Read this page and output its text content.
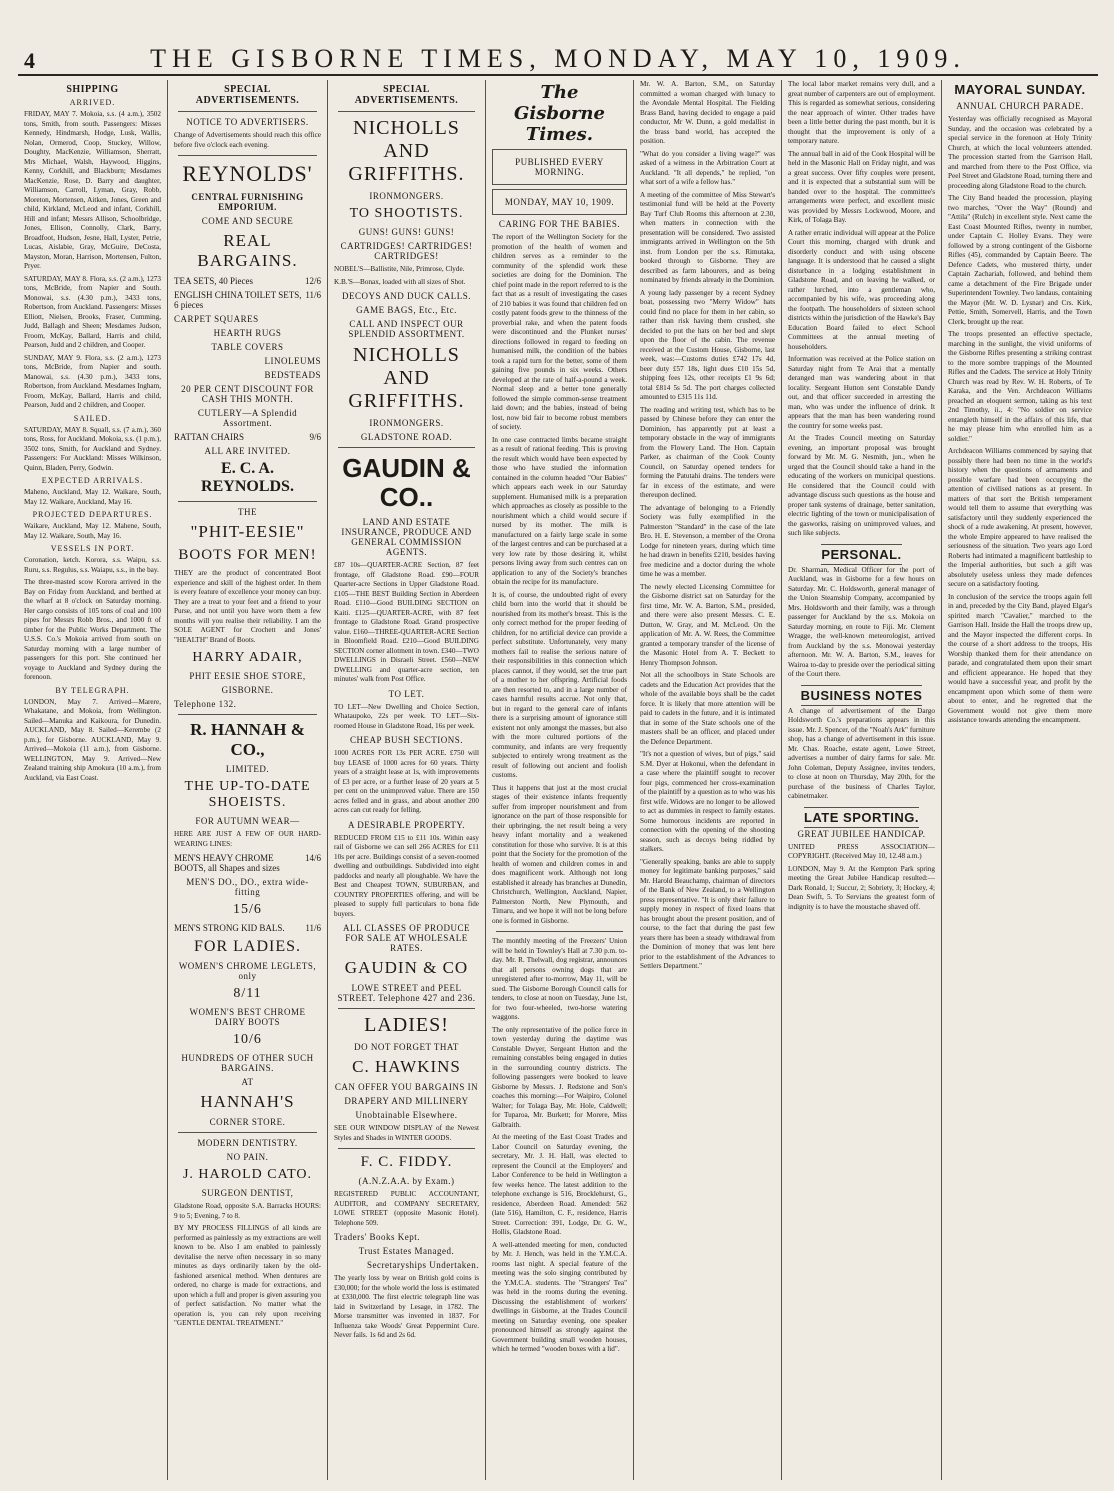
4	THE GISBORNE TIMES, MONDAY, MAY 10, 1909.
SHIPPING
ARRIVED.

FRIDAY, MAY 7. Mokoia, s.s. (4 a.m.), 3502 tons, Smith, from south. Passengers: Misses Kennedy, Hindmarsh, Hodge, Lusk, Wallis, Nolan, Ormerod, Coop, Stuckey, Willow, Doughty, MacKenzie, Williamson, Sherratt, Mrs Michael, Walsh, Haywood, Higgins, Kenny, Corkhill, and Blackburn; Mesdames MacKenzie, Rose, D. Barry and daughter, Williamson, Carroll, Lyman, Gray, Robb, Moreton, Mortensen, Aitken, Jones, Green and child, Kirkland, McLeod and infant, Corkhill, Hill and infant; Messrs Allison, Schoolbridge, Jones, Ellison, Connolly, Clark, Barry, Broadfoot, Hudson, Jesne, Hall, Lyster, Petrie, Lucas, Aislabie, Gray, McGuire, DeCosta, Mayston, Moran, Harrison, Mortensen, Fulton, Pryer.

SATURDAY, MAY 8. Flora, s.s. (2 a.m.), 1273 tons, McBride, from Napier and South. Monowai, s.s. (4.30 p.m.), 3433 tons, Robertson, from Auckland. Passengers: Misses Elliott, Nielsen, Brooks, Fraser, Cumming, Judd, Ballagh and Sheen; Mesdames Judson, Froom, McKay, Ballard, Harris and child, Pearson, Judd and 2 children, and Cooper.

SUNDAY, MAY 9. Flora, s.s. (2 a.m.), 1273 tons, McBride, from Napier and south. Manowai, s.s. (4.30 p.m.), 3433 tons, Robertson, from Auckland. Mesdames Ingham, Froom, McKay, Ballard, Harris and child, Pearson, Judd and 2 children, and Cooper.

SAILED.

SATURDAY, MAY 8. Squall, s.s. (7 a.m.), 360 tons, Ross, for Auckland. Mokoia, s.s. (1 p.m.), 3502 tons, Smith, for Auckland and Sydney. Passengers: For Auckland: Misses Wilkinson, Quinn, Bladen, Perry, Godwin.

EXPECTED ARRIVALS.

Maheno, Auckland, May 12. Waikare, South, May 12. Waikare, Auckland, May 16.

PROJECTED DEPARTURES.

Waikare, Auckland, May 12. Mahene, South, May 12. Waikare, South, May 16.

VESSELS IN PORT.

Coronation, ketch. Korora, s.s. Waipu, s.s. Ruru, s.s. Regulus, s.s. Waiapu, s.s., in the bay.

The three-masted scow Korora arrived in the Bay on Friday from Auckland, and berthed at the wharf at 8 o'clock on Saturday morning. Her cargo consists of 105 tons of coal and 100 pipes for Messrs Robb Bros., and 1000 ft of timber for the Public Works Department. The U.S.S. Co.'s Mokoia arrived from south on Saturday morning with a large number of passengers for this port. She continued her voyage to Auckland and Sydney during the forenoon.

BY TELEGRAPH.

LONDON, May 7. Arrived—Marere, Whakatane, and Mokoia, from Wellington. Sailed—Manuka and Kaikoura, for Dunedin. AUCKLAND, May 8. Sailed—Kerembe (2 p.m.), for Gisborne. AUCKLAND, May 9. Arrived—Mokoia (11 a.m.), from Gisborne. WELLINGTON, May 9. Arrived—New Zealand training ship Amokura (10 a.m.), from Auckland, via East Coast.

SPECIAL ADVERTISEMENTS.
NOTICE TO ADVERTISERS.

Change of Advertisements should reach this office before five o'clock each evening.

REYNOLDS'
CENTRAL FURNISHING EMPORIUM.
COME AND SECURE
REAL BARGAINS.
TEA SETS, 40 Pieces	12/6
ENGLISH CHINA TOILET SETS, 6 pieces
11/6
CARPET SQUARES
HEARTH RUGS
TABLE COVERS
LINOLEUMS
BEDSTEADS
20 PER CENT DISCOUNT FOR CASH THIS MONTH.
CUTLERY—A Splendid Assortment.
RATTAN CHAIRS	9/6
ALL ARE INVITED.
E. C. A. REYNOLDS.
THE
"PHIT-EESIE"
BOOTS FOR MEN!

THEY are the product of concentrated Boot experience and skill of the highest order. In them is every feature of excellence your money can buy. They are a treat to your feet and a friend to your Purse, and not until you have worn them a few months will you realise their reliability. I am the SOLE AGENT for Crochett and Jones' "HEALTH" Brand of Boots.

HARRY ADAIR,
PHIT EESIE SHOE STORE,
GISBORNE.
Telephone 132.
R. HANNAH & CO.,
LIMITED.
THE UP-TO-DATE SHOEISTS.
FOR AUTUMN WEAR—

HERE ARE JUST A FEW OF OUR HARD-WEARING LINES:

MEN'S HEAVY CHROME BOOTS, all Shapes and sizes
14/6
MEN'S DO., DO., extra wide-fitting
15/6
MEN'S STRONG KID BALS. 11/6
FOR LADIES.
WOMEN'S CHROME LEGLETS, only
8/11
WOMEN'S BEST CHROME DAIRY BOOTS
10/6
HUNDREDS OF OTHER SUCH BARGAINS.
AT
HANNAH'S
CORNER STORE.
MODERN DENTISTRY.
NO PAIN.
J. HAROLD CATO.
SURGEON DENTIST,

Gladstone Road, opposite S.A. Barracks HOURS: 9 to 5; Evening, 7 to 8.

BY MY PROCESS FILLINGS of all kinds are performed as painlessly as my extractions are well known to be. Also I am enabled to painlessly devitalise the nerve often necessary in so many minutes as days ordinarily taken by the old-fashioned arsenical method. When dentures are ordered, no charge is made for extractions, and upon which a full and proper is given assuring you of perfect satisfaction. No matter what the operation is, you can rely upon receiving "GENTLE DENTAL TREATMENT."

SPECIAL ADVERTISEMENTS.
NICHOLLS AND GRIFFITHS.
IRONMONGERS.
TO SHOOTISTS.
GUNS! GUNS! GUNS!
CARTRIDGES! CARTRIDGES! CARTRIDGES!

NOBEL'S—Ballistite, Nile, Primrose, Clyde.

K.B.'S—Bonax, loaded with all sizes of Shot.

DECOYS AND DUCK CALLS.
GAME BAGS, Etc., Etc.
CALL AND INSPECT OUR SPLENDID ASSORTMENT.
NICHOLLS AND GRIFFITHS.
IRONMONGERS.
GLADSTONE ROAD.
GAUDIN & CO..
LAND AND ESTATE INSURANCE, PRODUCE AND GENERAL COMMISSION AGENTS.

£87 10s—QUARTER-ACRE Section, 87 feet frontage, off Gladstone Road. £90—FOUR Quarter-acre Sections in Upper Gladstone Road. £105—THE BEST Building Section in Aberdeen Road. £110—Good BUILDING SECTION on Kaiti. £125—QUARTER-ACRE, with 87 feet frontage to Gladstone Road. Grand prospective value. £160—THREE-QUARTER-ACRE Section in Bloomfield Road. £210—Good BUILDING SECTION corner allotment in town. £340—TWO DWELLINGS in Disraeli Street. £560—NEW DWELLING and quarter-acre section, ten minutes' walk from Post Office.

TO LET.

TO LET—New Dwelling and Choice Section, Whataupoko, 22s per week. TO LET—Six-roomed House in Gladstone Road, 16s per week.

CHEAP BUSH SECTIONS.

1000 ACRES FOR 13s PER ACRE. £750 will buy LEASE of 1000 acres for 60 years. Thirty years of a straight lease at 1s, with improvements of £3 per acre, or a further lease of 20 years at 5 per cent on the unimproved value. There are 150 acres felled and in grass, and about another 200 acres can cut ready for felling.

A DESIRABLE PROPERTY.

REDUCED FROM £15 to £11 10s. Within easy rail of Gisborne we can sell 266 ACRES for £11 10s per acre. Buildings consist of a seven-roomed dwelling and outbuildings. Subdivided into eight paddocks and nearly all ploughable. We have the Best and Cheapest TOWN, SUBURBAN, and COUNTRY PROPERTIES offering, and will be pleased to supply full particulars to bona fide buyers.

ALL CLASSES OF PRODUCE FOR SALE AT WHOLESALE RATES.
GAUDIN & CO
LOWE STREET and PEEL STREET. Telephone 427 and 236.
LADIES!
DO NOT FORGET THAT
C. HAWKINS
CAN OFFER YOU BARGAINS IN
DRAPERY AND MILLINERY
Unobtainable Elsewhere.

SEE OUR WINDOW DISPLAY of the Newest Styles and Shades in WINTER GOODS.

F. C. FIDDY.
(A.N.Z.A.A. by Exam.)

REGISTERED PUBLIC ACCOUNTANT, AUDITOR, and COMPANY SECRETARY, LOWE STREET (opposite Masonic Hotel). Telephone 509.

Traders' Books Kept.
Trust Estates Managed.
Secretaryships Undertaken.

The yearly loss by wear on British gold coins is £30,000; for the whole world the loss is estimated at £330,000. The first electric telegraph line was laid in Switzerland by Lesage, in 1782. The Morse transmitter was invented in 1837. For Influenza take Woods' Great Peppermint Cure. Never fails. 1s 6d and 2s 6d.

The Gisborne Times.
PUBLISHED EVERY MORNING.
MONDAY, MAY 10, 1909.
CARING FOR THE BABIES.

The report of the Wellington Society for the promotion of the health of women and children serves as a reminder to the community of the splendid work these societies are doing for the Dominion. The chief point made in the report referred to is the fact that as a result of investigating the cases of 210 babies it was found that children fed on costly patent foods grew to the thinness of the proverbial rake, and when the patent foods were discontinued and the Plunket nurses' directions followed in regard to feeding on humanised milk, the condition of the babies took a rapid turn for the better, some of them gaining five pounds in six weeks. Others developed at the rate of half-a-pound a week. Normal sleep and a better tone generally followed the simple common-sense treatment laid down; and the babies, instead of being lost, now bid fair to become robust members of society.

In one case contracted limbs became straight as a result of rational feeding. This is proving the result which would have been expected by those who have studied the information contained in the column headed "Our Babies" which appears each week in our Saturday supplement. Humanised milk is a preparation which approaches as closely as possible to the nourishment which a child would secure if nursed by its mother. The milk is manufactured on a fairly large scale in some of the largest centres and can be purchased at a very low rate by those desiring it, whilst persons living away from such centres can on application to any of the Society's branches obtain the recipe for its manufacture.

It is, of course, the undoubted right of every child born into the world that it should be nourished from its mother's breast. This is the only correct method for the proper feeding of children, for no artificial device can provide a perfect substitute. Unfortunately, very many mothers fail to realise the serious nature of their responsibilities in this connection which places cannot, if they would, set the true part of a mother to her offspring. Artificial foods are then resorted to, and in a large number of cases harmful results accrue. Not only that, but in regard to the general care of infants there is a surprising amount of ignorance still existent not only amongst the masses, but also with the more cultured portions of the community, and infants are very frequently subjected to entirely wrong treatment as the result of following out ancient and foolish customs.

Thus it happens that just at the most crucial stages of their existence infants frequently suffer from improper nourishment and from ignorance on the part of those responsible for their upbringing, the net result being a very heavy infant mortality and a weakened constitution for those who survive. It is at this point that the Society for the promotion of the health of women and children comes in and does magnificent work. Although not long established it already has branches at Dunedin, Christchurch, Wellington, Auckland, Napier, Palmerston North, New Plymouth, and Timaru, and we hope it will not be long before one is formed in Gisborne.

The monthly meeting of the Freezers' Union will be held in Townley's Hall at 7.30 p.m. to-day. Mr. R. Thelwall, dog registrar, announces that all persons owning dogs that are unregistered after to-morrow, May 11, will be sued. The Gisborne Borough Council calls for tenders, to close at noon on Tuesday, June 1st, for two four-wheeled, two-horse watering waggons.

The only representative of the police force in town yesterday during the daytime was Constable Dwyer, Sergeant Hutton and the remaining constables being engaged in duties in the surrounding country districts. The following passengers were booked to leave Gisborne by Messrs. J. Redstone and Son's coaches this morning:—For Waipiro, Colonel Walter; for Tolaga Bay, Mr. Hole, Caldwell; for Tuparoa, Mr. Burkett; for Morere, Miss Galbraith.

At the meeting of the East Coast Trades and Labor Council on Saturday evening, the secretary, Mr. J. H. Hall, was elected to represent the Council at the Employers' and Labor Conference to be held in Wellington a few weeks hence. The latest addition to the telephone exchange is 516, Brocklehurst, G., residence, Aberdeen Road. Amended: 562 (late 516), Hamilton, C. F., residence, Harris Street. Correction: 391, Lodge, Dr. G. W., Hollis, Gladstone Road.

A well-attended meeting for men, conducted by Mr. J. Hench, was held in the Y.M.C.A. rooms last night. A special feature of the meeting was the solo singing contributed by the Y.M.C.A. students. The "Strangers' Tea" was held in the rooms during the evening. Discussing the establishment of workers' dwellings in Gisborne, at the Trades Council meeting on Saturday evening, one speaker pronounced himself as strongly against the Government building small wooden houses, which he termed "wooden boxes with a lid".

Mr. W. A. Barton, S.M., on Saturday committed a woman charged with lunacy to the Avondale Mental Hospital. The Fielding Brass Band, having decided to engage a paid conductor, Mr W. Dunn, a gold medallist in the brass band world, has accepted the position.

"What do you consider a living wage?" was asked of a witness in the Arbitration Court at Auckland. "It all depends," he replied, "on what sort of a wife a fellow has."

A meeting of the committee of Miss Stewart's testimonial fund will be held at the Poverty Bay Turf Club Rooms this afternoon at 2.30, when matters in connection with the presentation will be considered. Two assisted immigrants arrived in Wellington on the 5th inst. from London per the s.s. Rimutaka, booked through to Gisborne. They are described as farm labourers, and as being nominated by friends already in the Dominion.

A young lady passenger by a recent Sydney boat, possessing two "Merry Widow" hats could find no place for them in her cabin, so rather than risk having them crushed, she decided to put the hats on her bed and slept upon the floor of the cabin. The revenue received at the Custom House, Gisborne, last week, was:—Customs duties £742 17s 4d, beer duty £57 18s, light dues £10 15s 5d, shipping fees 12s, other receipts £1 9s 6d; total £814 5s 5d. The port charges collected amounted to £315 11s 11d.

The reading and writing test, which has to be passed by Chinese before they can enter the Dominion, has apparently put at least a temporary obstacle in the way of immigrants from the Flowery Land. The Hon. Captain Parker, as chairman of the Cook County Council, on Saturday opened tenders for forming the Patutahi drains. The tenders were far in excess of the estimate, and were thereupon declined.

The advantage of belonging to a Friendly Society was fully exemplified in the Palmerston "Standard" in the case of the late Bro. H. E. Stevenson, a member of the Orona Lodge for nineteen years, during which time he had drawn in benefits £210, besides having free medicine and a doctor during the whole time he was a member.

The newly elected Licensing Committee for the Gisborne district sat on Saturday for the first time, Mr. W. A. Barton, S.M., presided, and there were also present Messrs. C. E. Dutton, W. Gray, and M. McLeod. On the application of Mr. A. W. Rees, the Committee granted a temporary transfer of the license of the Masonic Hotel from A. T. Beckett to Henry Thompson Johnson.

Not all the schoolboys in State Schools are cadets and the Education Act provides that the whole of the available boys shall be the cadet force. It is likely that more attention will be paid to cadets in the future, and it is intimated that in some of the State schools one of the masters shall be an officer, and placed under the Defence Department.

"It's not a question of wives, but of pigs," said S.M. Dyer at Hokonui, when the defendant in a case where the plaintiff sought to recover four pigs, commenced her cross-examination of the plaintiff by a question as to who was his first wife. Widows are no longer to be allowed to act as dummies in respect to family estates. Some humorous incidents are reported in connection with the opening of the shooting season, such as decoys being riddled by stalkers.

"Generally speaking, banks are able to supply money for legitimate banking purposes," said Mr. Harold Beauchamp, chairman of directors of the Bank of New Zealand, to a Wellington press representative. "It is only their failure to supply money in respect of fixed loans that has brought about the present position, and of course, to the fact that during the past few years there has been a steady withdrawal from the Dominion of money that was lent here prior to the establishment of the Advances to Settlers Department."

The local labor market remains very dull, and a great number of carpenters are out of employment. This is regarded as somewhat serious, considering the near approach of winter. Other trades have been a little better during the past month, but it is thought that the improvement is only of a temporary nature.

The annual ball in aid of the Cook Hospital will be held in the Masonic Hall on Friday night, and was a great success. Over fifty couples were present, and it is expected that a substantial sum will be handed over to the hospital. The committee's arrangements were perfect, and excellent music was provided by Messrs Lockwood, Moore, and Kirk, of Tolaga Bay.

A rather erratic individual will appear at the Police Court this morning, charged with drunk and disorderly conduct and with using obscene language. It is understood that he caused a slight disturbance in a lodging establishment in Gladstone Road, and on leaving he walked, or rather lurched, into a gentleman who, accompanied by his wife, was proceeding along the footpath. The householders of sixteen school districts within the jurisdiction of the Hawke's Bay Education Board failed to elect School Committees at the annual meeting of householders.

Information was received at the Police station on Saturday night from Te Arai that a mentally deranged man was wandering about in that locality. Sergeant Hutton sent Constable Dandy out, and that officer succeeded in arresting the man, who was under the influence of drink. It appears that the man has been wandering round the country for some weeks past.

At the Trades Council meeting on Saturday evening, an important proposal was brought forward by Mr. M. G. Nesmith, jun., when he urged that the Council should take a hand in the educating of the workers on municipal questions. He considered that the Council could with advantage discuss such questions as the house and proper tank systems of drainage, better sanitation, electric lighting of the town or municipalisation of the gasworks, raising on unimproved values, and such like subjects.

PERSONAL.

Dr. Sharman, Medical Officer for the port of Auckland, was in Gisborne for a few hours on Saturday. Mr. C. Holdsworth, general manager of the Union Steamship Company, accompanied by Mrs. Holdsworth and their family, was a through passenger for Auckland by the s.s. Mokoia on Saturday morning, en route to Fiji. Mr. Clement Wragge, the well-known meteorologist, arrived from Auckland by the s.s. Monowai yesterday afternoon. Mr. W. A. Barton, S.M., leaves for Wairoa to-day to preside over the periodical sitting of the Court there.

BUSINESS NOTES

A change of advertisement of the Dargo Holdsworth Co.'s preparations appears in this issue. Mr. J. Spencer, of the "Noah's Ark" furniture shop, has a change of advertisement in this issue. Mr. Chas. Roache, estate agent, Lowe Street, advertises a number of dairy farms for sale. Mr. John Coleman, Deputy Assignee, invites tenders, to close at noon on Thursday, May 20th, for the purchase of the business of Charles Taylor, cabinetmaker.

LATE SPORTING.
GREAT JUBILEE HANDICAP.

UNITED PRESS ASSOCIATION—COPYRIGHT. (Received May 10, 12.48 a.m.)

LONDON, May 9. At the Kempton Park spring meeting the Great Jubilee Handicap resulted:—Dark Ronald, 1; Succur, 2; Sobriety, 3; Hockey, 4; Dean Swift, 5. To Servians the greatest form of indignity is to have the moustache shaved off.

MAYORAL SUNDAY.
ANNUAL CHURCH PARADE.

Yesterday was officially recognised as Mayoral Sunday, and the occasion was celebrated by a special service in the forenoon at Holy Trinity Church, at which the local volunteers attended. The procession started from the Garrison Hall, and marched from there to the Post Office, via Peel Street and Gladstone Road, turning there and proceeding along Gladstone Road to the church.

The City Band headed the procession, playing two marches, "Over the Way" (Round) and "Attila" (Rulch) in excellent style. Next came the East Coast Mounted Rifles, twenty in number, under Captain C. Holley Evans. They were followed by a strong contingent of the Gisborne Rifles (45), commanded by Captain Beere. The Defence Cadets, who mustered thirty, under Captain Zachariah, followed, and behind them came a detachment of the Fire Brigade under Superintendent Townley. Two landaus, containing the Mayor (Mr. W. D. Lysnar) and Crs. Kirk, Pettie, Smith, Somervell, Harris, and the Town Clerk, brought up the rear.

The troops presented an effective spectacle, marching in the sunlight, the vivid uniforms of the Gisborne Rifles presenting a striking contrast to the more sombre trappings of the Mounted Rifles and the Cadets. The service at Holy Trinity Church was read by Rev. W. H. Roberts, of Te Karaka, and the Ven. Archdeacon Williams preached an eloquent sermon, taking as his text 2nd Timothy, ii., 4: "No soldier on service entangleth himself in the affairs of this life, that he may please him who enrolled him as a soldier."

Archdeacon Williams commenced by saying that possibly there had been no time in the world's history when the questions of armaments and possible warfare had been occupying the attention of civilised nations as at present. In matters of that sort the British temperament would tell them to assume that everything was satisfactory until they suddenly experienced the shock of a rude awakening. At present, however, the whole Empire appeared to have realised the seriousness of the situation. Two years ago Lord Roberts had intimated a magnificent battleship to the Imperial authorities, but such a gift was absolutely useless unless they made defences secure on a satisfactory footing.

In conclusion of the service the troops again fell in and, preceded by the City Band, played Elgar's spirited march "Cavalier," marched to the Garrison Hall. Inside the Hall the troops drew up, and the Mayor inspected the different corps. In the course of a short address to the troops, His Worship thanked them for their attendance on parade, and congratulated them upon their smart and efficient appearance. He hoped that they would have a successful year, and profit by the encampment upon which some of them were about to enter, and he regretted that the Government would not give them more assistance towards attending the encampment.
